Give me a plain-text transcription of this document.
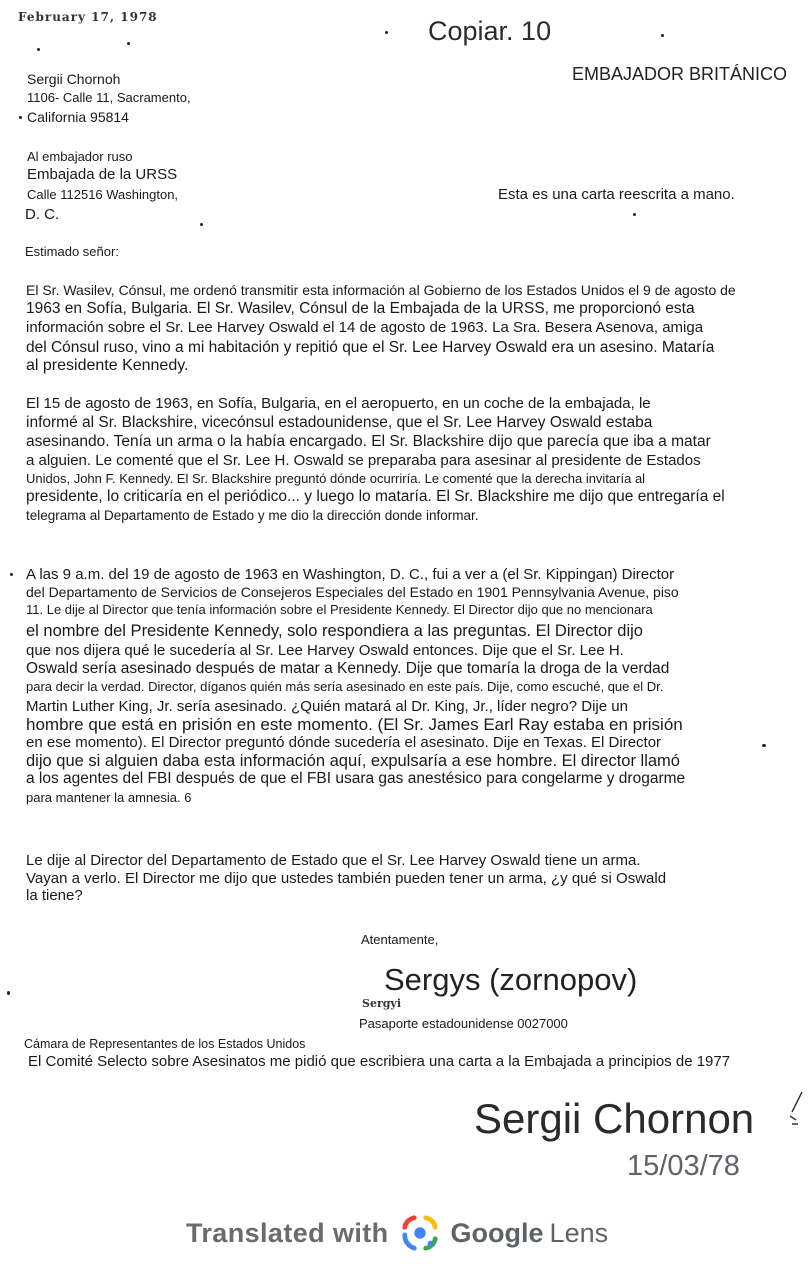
February 17, 1978	Copiar. 10
EMBAJADOR BRITÁNICO
Sergii Chornoh
1106- Calle 11, Sacramento,
California 95814
Al embajador ruso
Embajada de la URSS
Calle 112516 Washington,
D. C.
Esta es una carta reescrita a mano.
Estimado señor:
El Sr. Wasilev, Cónsul, me ordenó transmitir esta información al Gobierno de los Estados Unidos el 9 de agosto de
1963 en Sofía, Bulgaria. El Sr. Wasilev, Cónsul de la Embajada de la URSS, me proporcionó esta
información sobre el Sr. Lee Harvey Oswald el 14 de agosto de 1963. La Sra. Besera Asenova, amiga
del Cónsul ruso, vino a mi habitación y repitió que el Sr. Lee Harvey Oswald era un asesino. Mataría
al presidente Kennedy.
El 15 de agosto de 1963, en Sofía, Bulgaria, en el aeropuerto, en un coche de la embajada, le
informé al Sr. Blackshire, vicecónsul estadounidense, que el Sr. Lee Harvey Oswald estaba
asesinando. Tenía un arma o la había encargado. El Sr. Blackshire dijo que parecía que iba a matar
a alguien. Le comenté que el Sr. Lee H. Oswald se preparaba para asesinar al presidente de Estados
Unidos, John F. Kennedy. El Sr. Blackshire preguntó dónde ocurriría. Le comenté que la derecha invitaría al
presidente, lo criticaría en el periódico... y luego lo mataría. El Sr. Blackshire me dijo que entregaría el
telegrama al Departamento de Estado y me dio la dirección donde informar.
A las 9 a.m. del 19 de agosto de 1963 en Washington, D. C., fui a ver a (el Sr. Kippingan) Director
del Departamento de Servicios de Consejeros Especiales del Estado en 1901 Pennsylvania Avenue, piso
11. Le dije al Director que tenía información sobre el Presidente Kennedy. El Director dijo que no mencionara
el nombre del Presidente Kennedy, solo respondiera a las preguntas. El Director dijo
que nos dijera qué le sucedería al Sr. Lee Harvey Oswald entonces. Dije que el Sr. Lee H.
Oswald sería asesinado después de matar a Kennedy. Dije que tomaría la droga de la verdad
para decir la verdad. Director, díganos quién más sería asesinado en este país. Dije, como escuché, que el Dr.
Martin Luther King, Jr. sería asesinado. ¿Quién matará al Dr. King, Jr., líder negro? Dije un
hombre que está en prisión en este momento. (El Sr. James Earl Ray estaba en prisión
en ese momento). El Director preguntó dónde sucedería el asesinato. Dije en Texas. El Director
dijo que si alguien daba esta información aquí, expulsaría a ese hombre. El director llamó
a los agentes del FBI después de que el FBI usara gas anestésico para congelarme y drogarme
para mantener la amnesia. 6
Le dije al Director del Departamento de Estado que el Sr. Lee Harvey Oswald tiene un arma.
Vayan a verlo. El Director me dijo que ustedes también pueden tener un arma, ¿y qué si Oswald
la tiene?
Atentamente,
Sergys (zornopov)
Sergyi
Pasaporte estadounidense 0027000
Cámara de Representantes de los Estados Unidos
El Comité Selecto sobre Asesinatos me pidió que escribiera una carta a la Embajada a principios de 1977
Sergii Chornon
15/03/78
Translated with Google Lens
